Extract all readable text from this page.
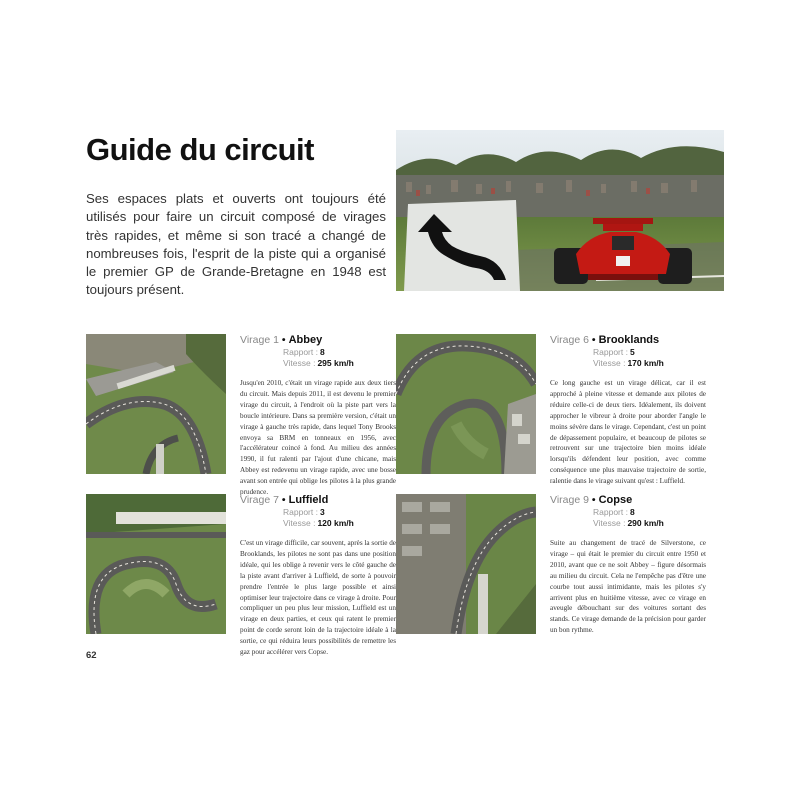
Guide du circuit

Ses espaces plats et ouverts ont toujours été utilisés pour faire un circuit composé de virages très rapides, et même si son tracé a changé de nombreuses fois, l'esprit de la piste qui a organisé le premier GP de Grande-Bretagne en 1948 est toujours présent.

Virage 1 • Abbey

Rapport : 8

Vitesse : 295 km/h

Jusqu'en 2010, c'était un virage rapide aux deux tiers du circuit. Mais depuis 2011, il est devenu le premier virage du circuit, à l'endroit où la piste part vers la boucle intérieure. Dans sa première version, c'était un virage à gauche très rapide, dans lequel Tony Brooks envoya sa BRM en tonneaux en 1956, avec l'accélérateur coincé à fond. Au milieu des années 1990, il fut ralenti par l'ajout d'une chicane, mais Abbey est redevenu un virage rapide, avec une bosse avant son entrée qui oblige les pilotes à la plus grande prudence.

Virage 6 • Brooklands

Rapport : 5

Vitesse : 170 km/h

Ce long gauche est un virage délicat, car il est approché à pleine vitesse et demande aux pilotes de réduire celle-ci de deux tiers. Idéalement, ils doivent approcher le vibreur à droite pour aborder l'angle le moins sévère dans le virage. Cependant, c'est un point de dépassement populaire, et beaucoup de pilotes se retrouvent sur une trajectoire bien moins idéale lorsqu'ils défendent leur position, avec comme conséquence une plus mauvaise trajectoire de sortie, ralentie dans le virage suivant qu'est : Luffield.

Virage 7 • Luffield

Rapport : 3

Vitesse : 120 km/h

C'est un virage difficile, car souvent, après la sortie de Brooklands, les pilotes ne sont pas dans une position idéale, qui les oblige à revenir vers le côté gauche de la piste avant d'arriver à Luffield, de sorte à pouvoir prendre l'entrée le plus large possible et ainsi optimiser leur trajectoire dans ce virage à droite. Pour compliquer un peu plus leur mission, Luffield est un virage en deux parties, et ceux qui ratent le premier point de corde seront loin de la trajectoire idéale à la sortie, ce qui réduira leurs possibilités de remettre les gaz pour accélérer vers Copse.

Virage 9 • Copse

Rapport : 8

Vitesse : 290 km/h

Suite au changement de tracé de Silverstone, ce virage – qui était le premier du circuit entre 1950 et 2010, avant que ce ne soit Abbey – figure désormais au milieu du circuit. Cela ne l'empêche pas d'être une courbe tout aussi intimidante, mais les pilotes s'y arrivent plus en huitième vitesse, avec ce virage en aveugle débouchant sur des voitures sortant des stands. Ce virage demande de la précision pour garder un bon rythme.

62
